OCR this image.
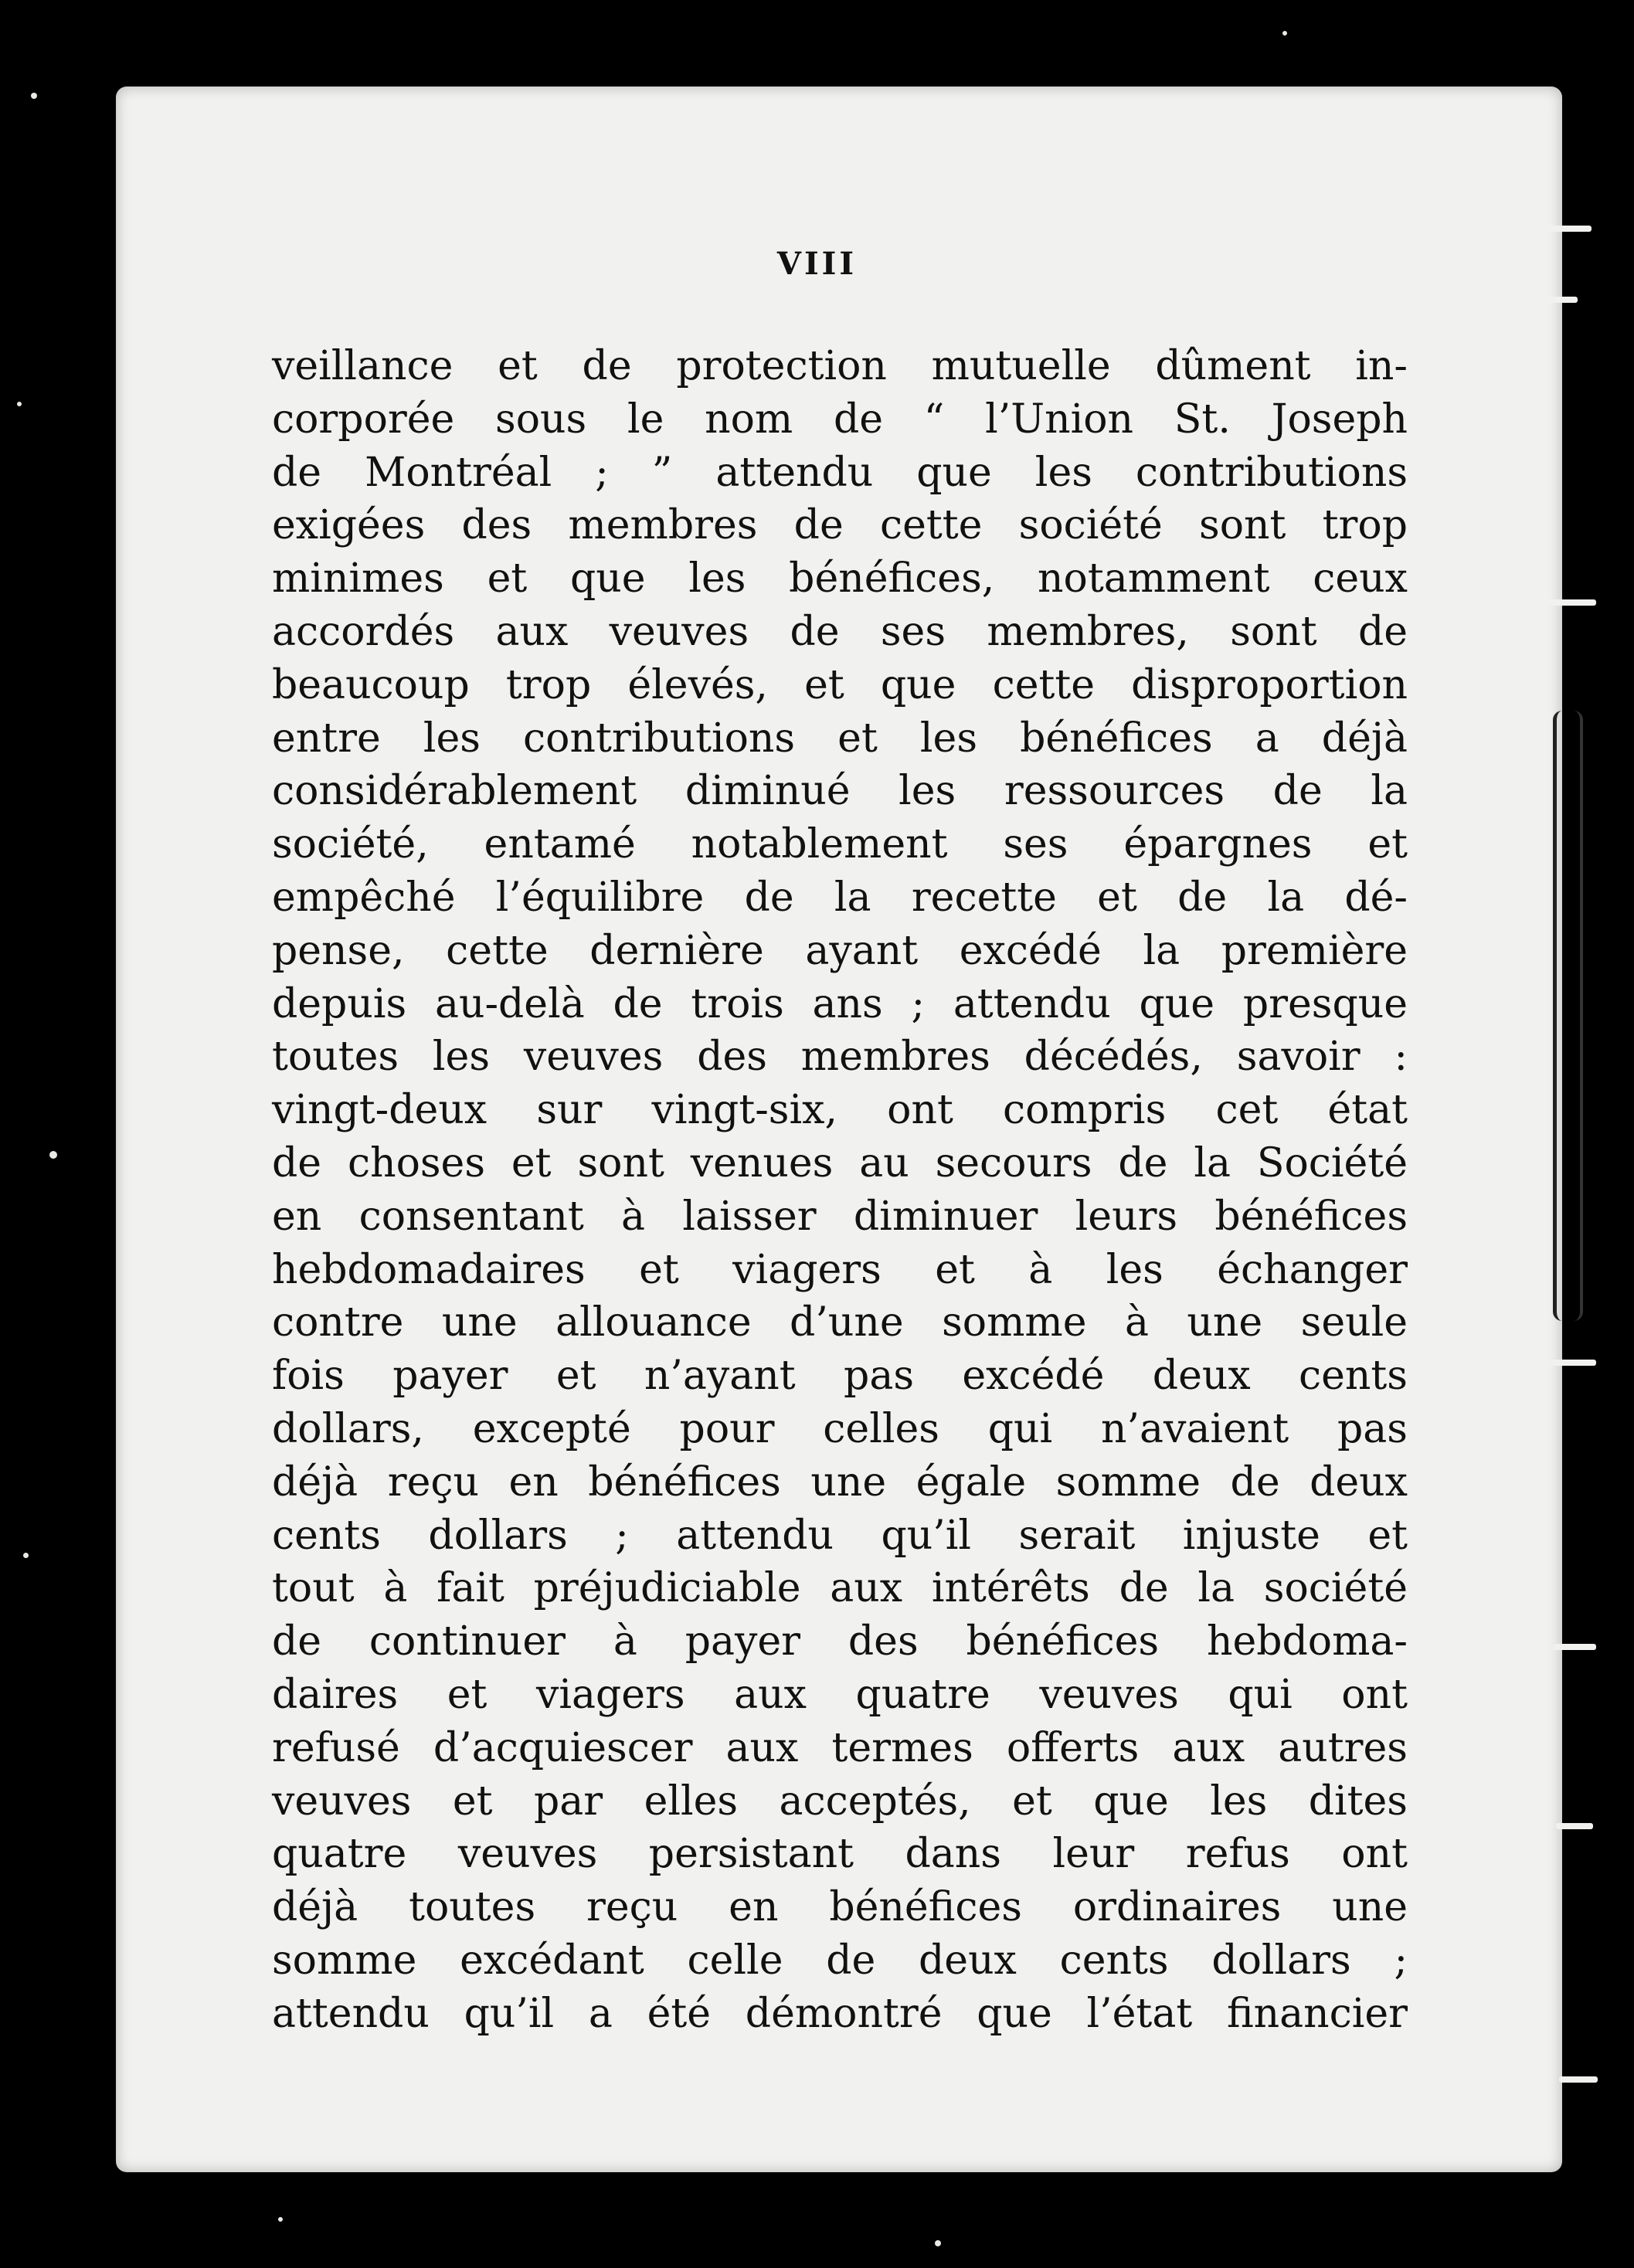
VIII
veillance et de protection mutuelle dûment in-
corporée sous le nom de “ l’Union St. Joseph
de Montréal ; ” attendu que les contributions
exigées des membres de cette société sont trop
minimes et que les bénéfices, notamment ceux
accordés aux veuves de ses membres, sont de
beaucoup trop élevés, et que cette disproportion
entre les contributions et les bénéfices a déjà
considérablement diminué les ressources de la
société, entamé notablement ses épargnes et
empêché l’équilibre de la recette et de la dé-
pense, cette dernière ayant excédé la première
depuis au-delà de trois ans ; attendu que presque
toutes les veuves des membres décédés, savoir :
vingt-deux sur vingt-six, ont compris cet état
de choses et sont venues au secours de la Société
en consentant à laisser diminuer leurs bénéfices
hebdomadaires et viagers et à les échanger
contre une allouance d’une somme à une seule
fois payer et n’ayant pas excédé deux cents
dollars, excepté pour celles qui n’avaient pas
déjà reçu en bénéfices une égale somme de deux
cents dollars ; attendu qu’il serait injuste et
tout à fait préjudiciable aux intérêts de la société
de continuer à payer des bénéfices hebdoma-
daires et viagers aux quatre veuves qui ont
refusé d’acquiescer aux termes offerts aux autres
veuves et par elles acceptés, et que les dites
quatre veuves persistant dans leur refus ont
déjà toutes reçu en bénéfices ordinaires une
somme excédant celle de deux cents dollars ;
attendu qu’il a été démontré que l’état financier
